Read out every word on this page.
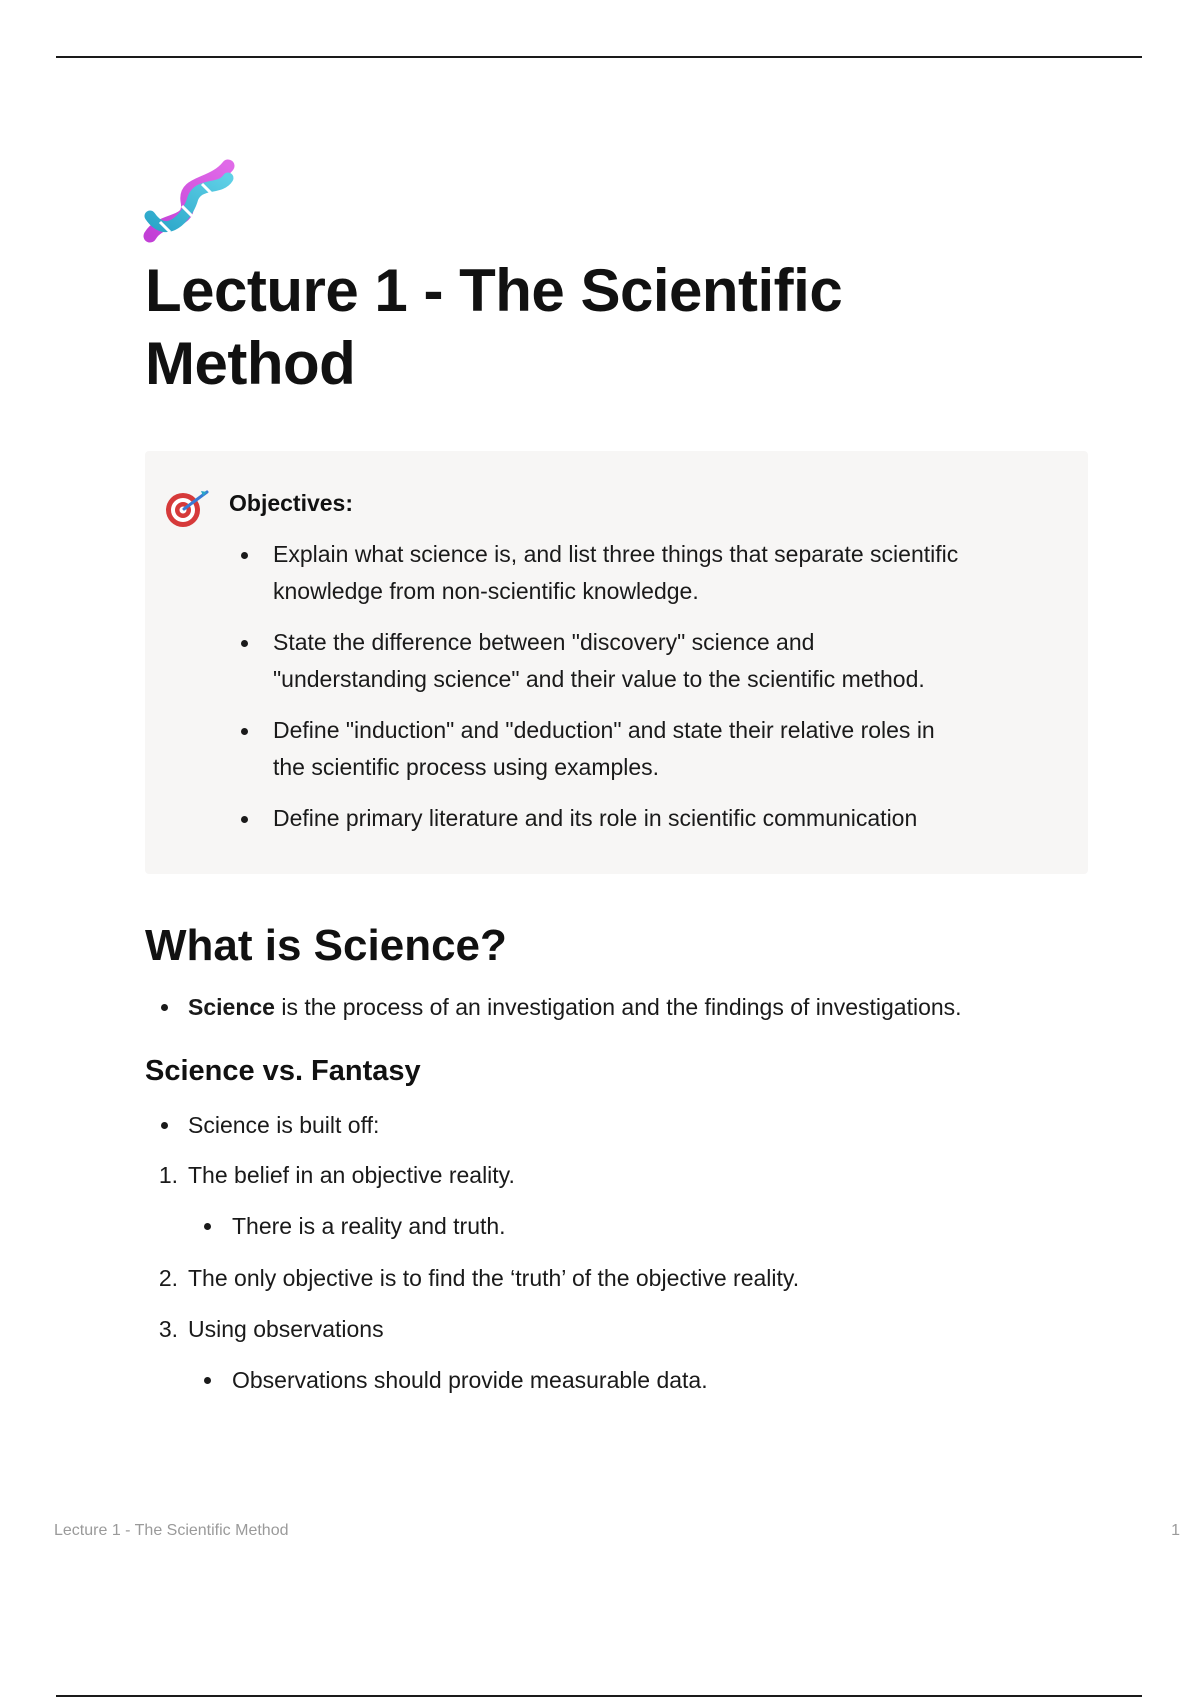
Lecture 1 - The Scientific
Method
Objectives:
Explain what science is, and list three things that separate scientific
knowledge from non-scientific knowledge.
State the difference between "discovery" science and
"understanding science" and their value to the scientific method.
Define "induction" and "deduction" and state their relative roles in
the scientific process using examples.
Define primary literature and its role in scientific communication
What is Science?
Science is the process of an investigation and the findings of investigations.
Science vs. Fantasy
Science is built off:
1. The belief in an objective reality.
There is a reality and truth.
2. The only objective is to find the ‘truth’ of the objective reality.
3. Using observations
Observations should provide measurable data.
Lecture 1 - The Scientific Method	1
